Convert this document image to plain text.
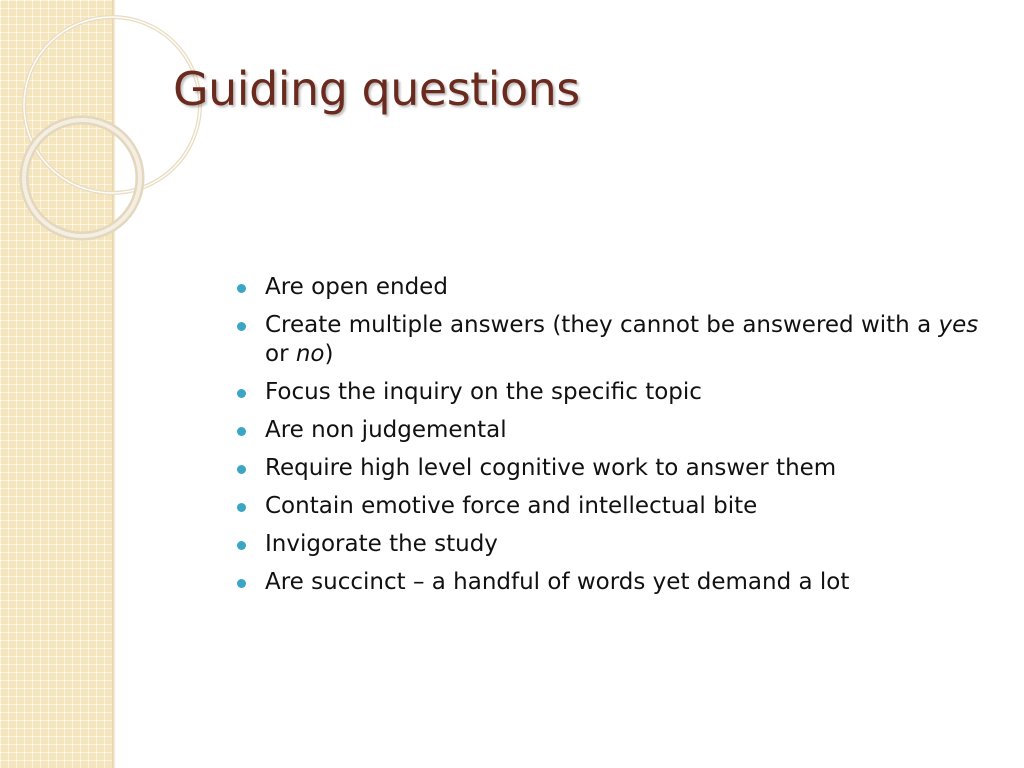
Guiding questions
Are open ended
Create multiple answers (they cannot be answered with a yes or no)
Focus the inquiry on the specific topic
Are non judgemental
Require high level cognitive work to answer them
Contain emotive force and intellectual bite
Invigorate the study
Are succinct – a handful of words yet demand a lot
